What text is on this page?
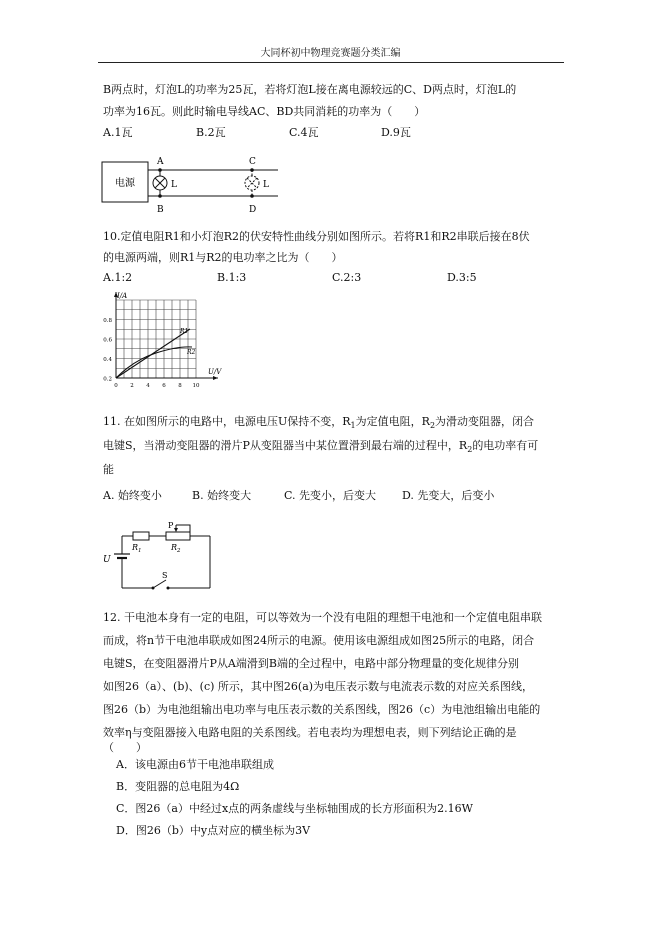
大同杯初中物理竞赛题分类汇编
B两点时，灯泡L的功率为25瓦，若将灯泡L接在离电源较远的C、D两点时，灯泡L的
功率为16瓦。则此时输电导线AC、BD共同消耗的功率为（　　）
A.1瓦	B.2瓦	C.4瓦	D.9瓦
电源	L
A
B
L
C
D
10.定值电阻R1和小灯泡R2的伏安特性曲线分别如图所示。若将R1和R2串联后接在8伏
的电源两端，则R1与R2的电功率之比为（　　）
A.1:2	B.1:3	C.2:3	D.3:5
I/A
U/V
0.8
0.6
0.4
0.2
0 2 4 6 8 10
R1
R2
11. 在如图所示的电路中，电源电压U保持不变，$R_1$为定值电阻，$R_2$为滑动变阻器，闭合
电键S，当滑动变阻器的滑片P从变阻器当中某位置滑到最右端的过程中，$R_2$的电功率有可
能
A. 始终变小	B. 始终变大	C. 先变小，后变大 D. 先变大，后变小
P
$R_1$	$R_2$
U
S
12. 干电池本身有一定的电阻，可以等效为一个没有电阻的理想干电池和一个定值电阻串联
而成，将n节干电池串联成如图24所示的电源。使用该电源组成如图25所示的电路，闭合
电键S，在变阻器滑片P从A端滑到B端的全过程中，电路中部分物理量的变化规律分别
如图26（a）、(b)、(c) 所示，其中图26(a)为电压表示数与电流表示数的对应关系图线，
图26（b）为电池组输出电功率与电压表示数的关系图线，图26（c）为电池组输出电能的
效率η与变阻器接入电路电阻的关系图线。若电表均为理想电表，则下列结论正确的是
（　　）
A．该电源由6节干电池串联组成
B．变阻器的总电阻为4Ω
C．图26（a）中经过x点的两条虚线与坐标轴围成的长方形面积为2.16W
D．图26（b）中y点对应的横坐标为3V
